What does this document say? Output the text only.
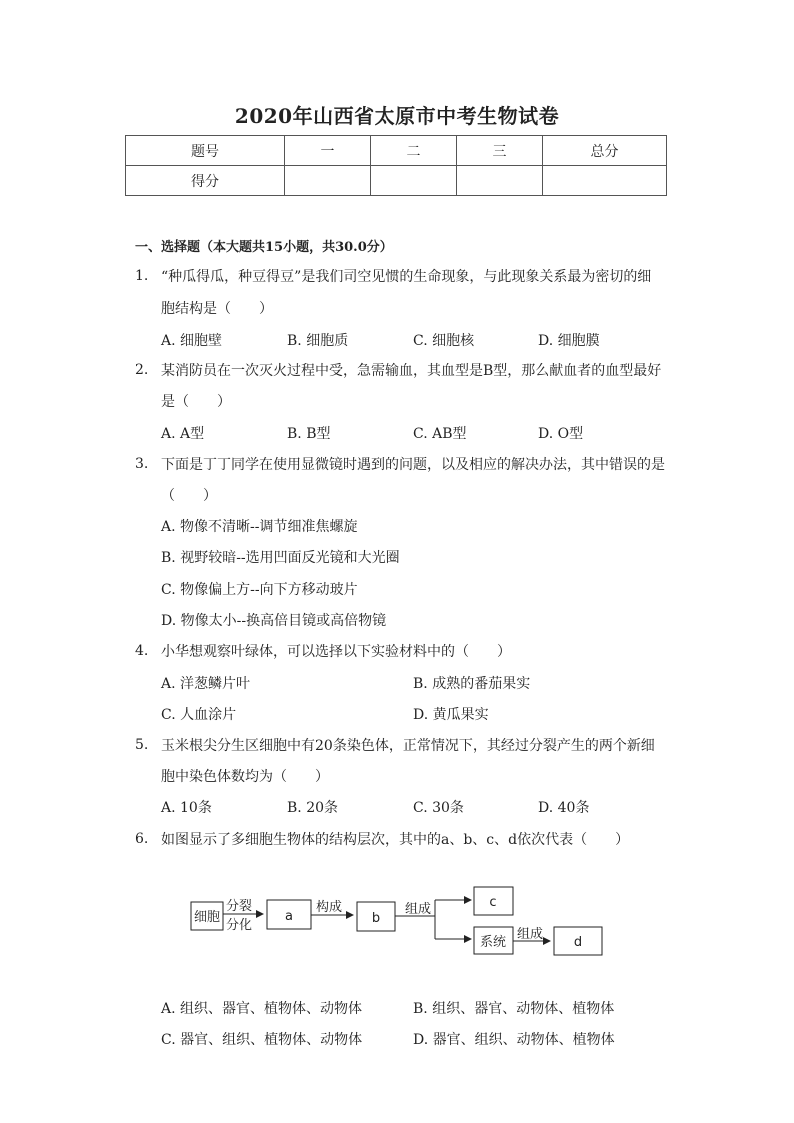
2020年山西省太原市中考生物试卷
题号	一	二	三	总分
得分				
一、选择题（本大题共15小题，共30.0分）
1. “种瓜得瓜，种豆得豆”是我们司空见惯的生命现象，与此现象关系最为密切的细
胞结构是（　　）
A. 细胞壁	B. 细胞质	C. 细胞核	D. 细胞膜
2. 某消防员在一次灭火过程中受，急需输血，其血型是B型，那么献血者的血型最好
是（　　）
A. A型	B. B型	C. AB型	D. O型
3. 下面是丁丁同学在使用显微镜时遇到的问题，以及相应的解决办法，其中错误的是
（　　）
A. 物像不清晰--调节细准焦螺旋
B. 视野较暗--选用凹面反光镜和大光圈
C. 物像偏上方--向下方移动玻片
D. 物像太小--换高倍目镜或高倍物镜
4. 小华想观察叶绿体，可以选择以下实验材料中的（　　）
A. 洋葱鳞片叶	B. 成熟的番茄果实
C. 人血涂片	D. 黄瓜果实
5. 玉米根尖分生区细胞中有20条染色体，正常情况下，其经过分裂产生的两个新细
胞中染色体数均为（　　）
A. 10条	B. 20条	C. 30条	D. 40条
6. 如图显示了多细胞生物体的结构层次，其中的a、b、c、d依次代表（　　）
细胞
分裂
分化
a
构成
b
组成	c
系统
组成
d
A. 组织、器官、植物体、动物体	B. 组织、器官、动物体、植物体
C. 器官、组织、植物体、动物体	D. 器官、组织、动物体、植物体
